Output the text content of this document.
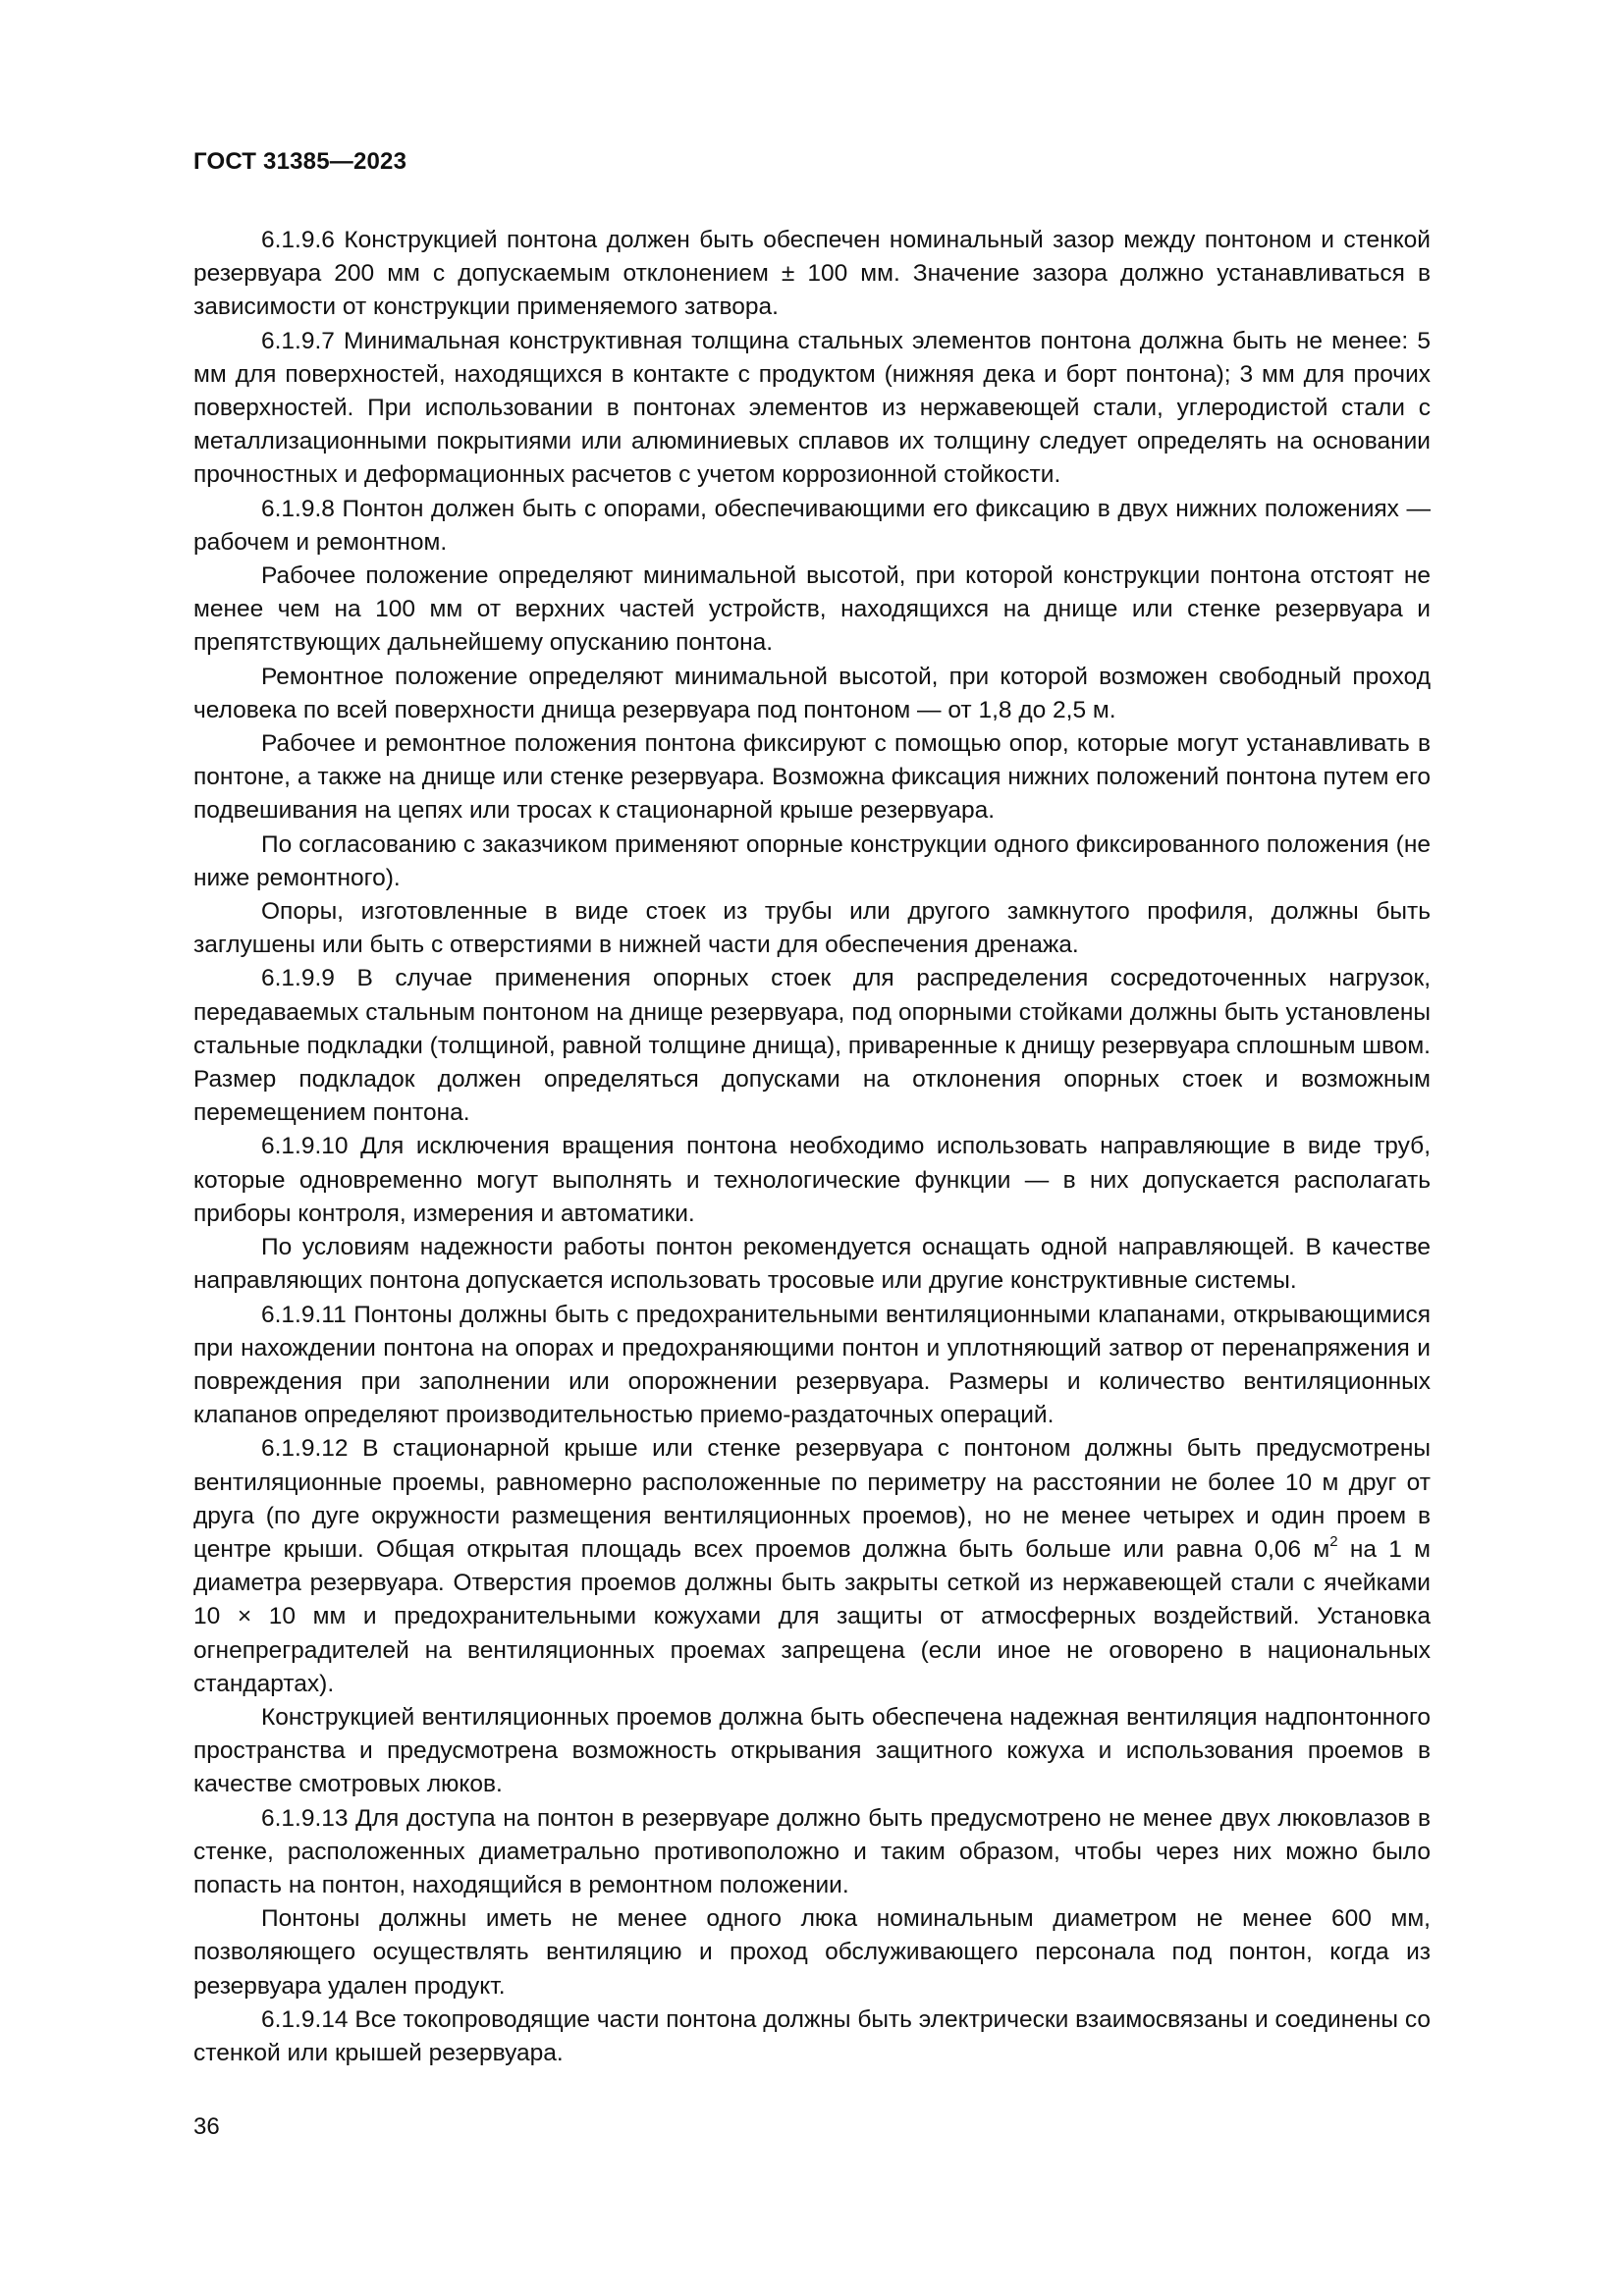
ГОСТ 31385—2023

6.1.9.6 Конструкцией понтона должен быть обеспечен номинальный зазор между понтоном и стенкой резервуара 200 мм с допускаемым отклонением ± 100 мм. Значение зазора должно устанавливаться в зависимости от конструкции применяемого затвора.

6.1.9.7 Минимальная конструктивная толщина стальных элементов понтона должна быть не менее: 5 мм для поверхностей, находящихся в контакте с продуктом (нижняя дека и борт понтона); 3 мм для прочих поверхностей. При использовании в понтонах элементов из нержавеющей стали, углеродистой стали с металлизационными покрытиями или алюминиевых сплавов их толщину следует определять на основании прочностных и деформационных расчетов с учетом коррозионной стойкости.

6.1.9.8 Понтон должен быть с опорами, обеспечивающими его фиксацию в двух нижних положениях — рабочем и ремонтном.

Рабочее положение определяют минимальной высотой, при которой конструкции понтона отстоят не менее чем на 100 мм от верхних частей устройств, находящихся на днище или стенке резервуара и препятствующих дальнейшему опусканию понтона.

Ремонтное положение определяют минимальной высотой, при которой возможен свободный проход человека по всей поверхности днища резервуара под понтоном — от 1,8 до 2,5 м.

Рабочее и ремонтное положения понтона фиксируют с помощью опор, которые могут устанавливать в понтоне, а также на днище или стенке резервуара. Возможна фиксация нижних положений понтона путем его подвешивания на цепях или тросах к стационарной крыше резервуара.

По согласованию с заказчиком применяют опорные конструкции одного фиксированного положения (не ниже ремонтного).

Опоры, изготовленные в виде стоек из трубы или другого замкнутого профиля, должны быть заглушены или быть с отверстиями в нижней части для обеспечения дренажа.

6.1.9.9 В случае применения опорных стоек для распределения сосредоточенных нагрузок, передаваемых стальным понтоном на днище резервуара, под опорными стойками должны быть установлены стальные подкладки (толщиной, равной толщине днища), приваренные к днищу резервуара сплошным швом. Размер подкладок должен определяться допусками на отклонения опорных стоек и возможным перемещением понтона.

6.1.9.10 Для исключения вращения понтона необходимо использовать направляющие в виде труб, которые одновременно могут выполнять и технологические функции — в них допускается располагать приборы контроля, измерения и автоматики.

По условиям надежности работы понтон рекомендуется оснащать одной направляющей. В качестве направляющих понтона допускается использовать тросовые или другие конструктивные системы.

6.1.9.11 Понтоны должны быть с предохранительными вентиляционными клапанами, открывающимися при нахождении понтона на опорах и предохраняющими понтон и уплотняющий затвор от перенапряжения и повреждения при заполнении или опорожнении резервуара. Размеры и количество вентиляционных клапанов определяют производительностью приемо-раздаточных операций.

6.1.9.12 В стационарной крыше или стенке резервуара с понтоном должны быть предусмотрены вентиляционные проемы, равномерно расположенные по периметру на расстоянии не более 10 м друг от друга (по дуге окружности размещения вентиляционных проемов), но не менее четырех и один проем в центре крыши. Общая открытая площадь всех проемов должна быть больше или равна 0,06 $м^2$ на 1 м диаметра резервуара. Отверстия проемов должны быть закрыты сеткой из нержавеющей стали с ячейками 10 × 10 мм и предохранительными кожухами для защиты от атмосферных воздействий. Установка огнепреградителей на вентиляционных проемах запрещена (если иное не оговорено в национальных стандартах).

Конструкцией вентиляционных проемов должна быть обеспечена надежная вентиляция надпонтонного пространства и предусмотрена возможность открывания защитного кожуха и использования проемов в качестве смотровых люков.

6.1.9.13 Для доступа на понтон в резервуаре должно быть предусмотрено не менее двух люковлазов в стенке, расположенных диаметрально противоположно и таким образом, чтобы через них можно было попасть на понтон, находящийся в ремонтном положении.

Понтоны должны иметь не менее одного люка номинальным диаметром не менее 600 мм, позволяющего осуществлять вентиляцию и проход обслуживающего персонала под понтон, когда из резервуара удален продукт.

6.1.9.14 Все токопроводящие части понтона должны быть электрически взаимосвязаны и соединены со стенкой или крышей резервуара.

36
